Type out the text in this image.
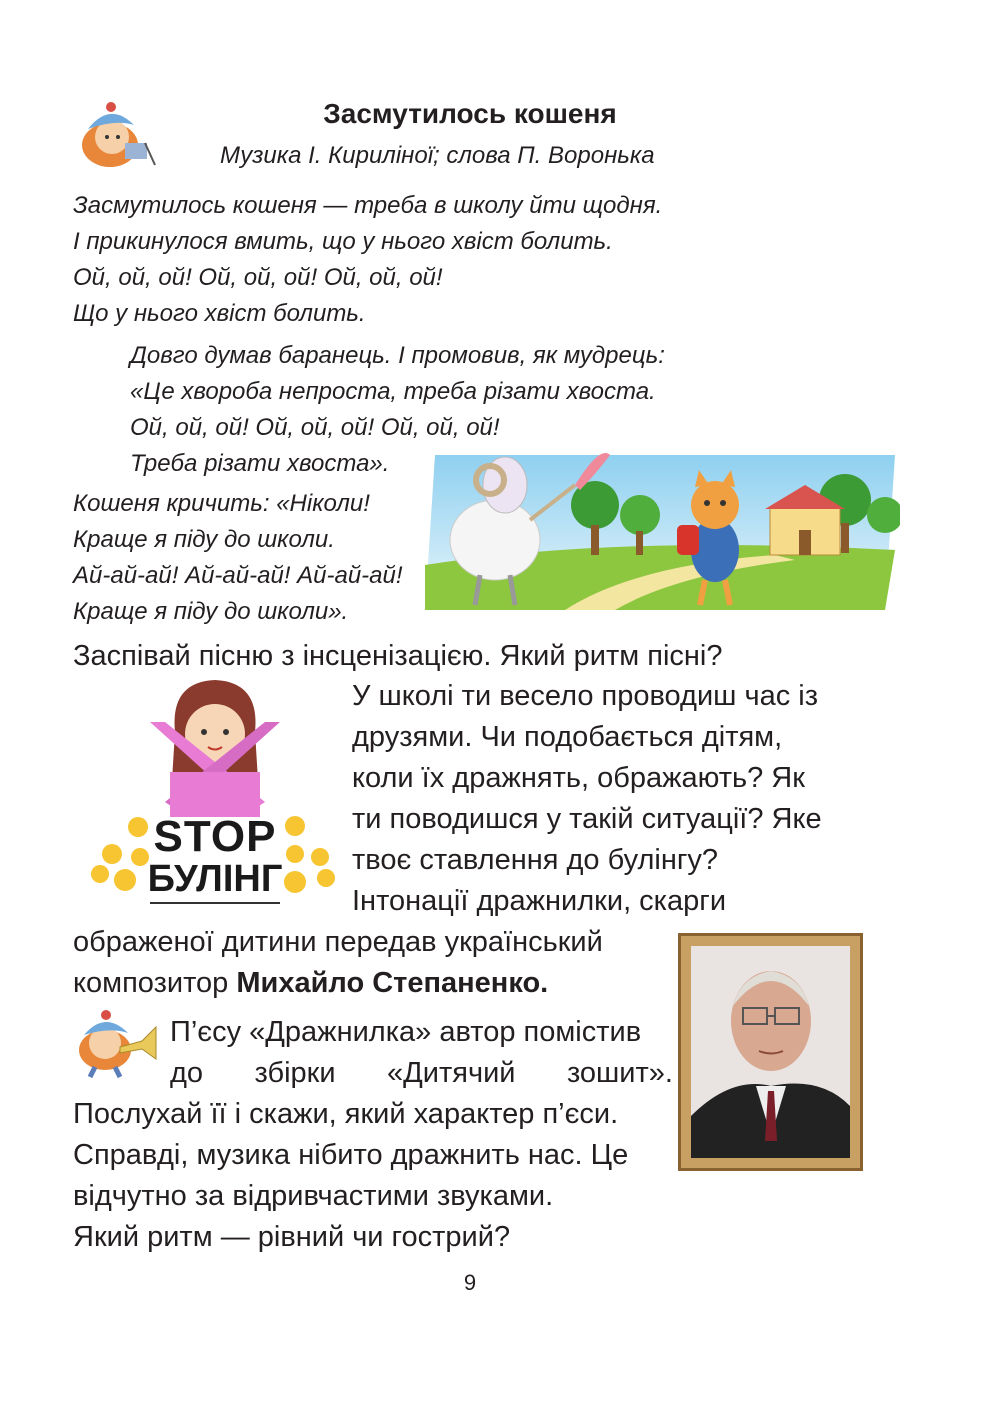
Засмутилось кошеня
Музика І. Кириліної; слова П. Воронька
Засмутилось кошеня — треба в школу йти щодня.
І прикинулося вмить, що у нього хвіст болить.
Ой, ой, ой! Ой, ой, ой! Ой, ой, ой!
Що у нього хвіст болить.
Довго думав баранець. І промовив, як мудрець:
«Це хвороба непроста, треба різати хвоста.
Ой, ой, ой! Ой, ой, ой! Ой, ой, ой!
Треба різати хвоста».
Кошеня кричить: «Ніколи!
Краще я піду до школи.
Ай-ай-ай! Ай-ай-ай! Ай-ай-ай!
Краще я піду до школи».
Заспівай пісню з інсценізацією. Який ритм пісні?
STOP
БУЛІНГ
У школі ти весело проводиш час із
друзями. Чи подобається дітям,
коли їх дражнять, ображають? Як
ти поводишся у такій ситуації? Яке
твоє ставлення до булінгу?
Інтонації дражнилки, скарги
ображеної дитини передав український
композитор Михайло Степаненко.
П’єсу «Дражнилка» автор помістив
до збірки «Дитячий зошит».
Послухай її і скажи, який характер п’єси.
Справді, музика нібито дражнить нас. Це
відчутно за відривчастими звуками.
Який ритм — рівний чи гострий?
9
